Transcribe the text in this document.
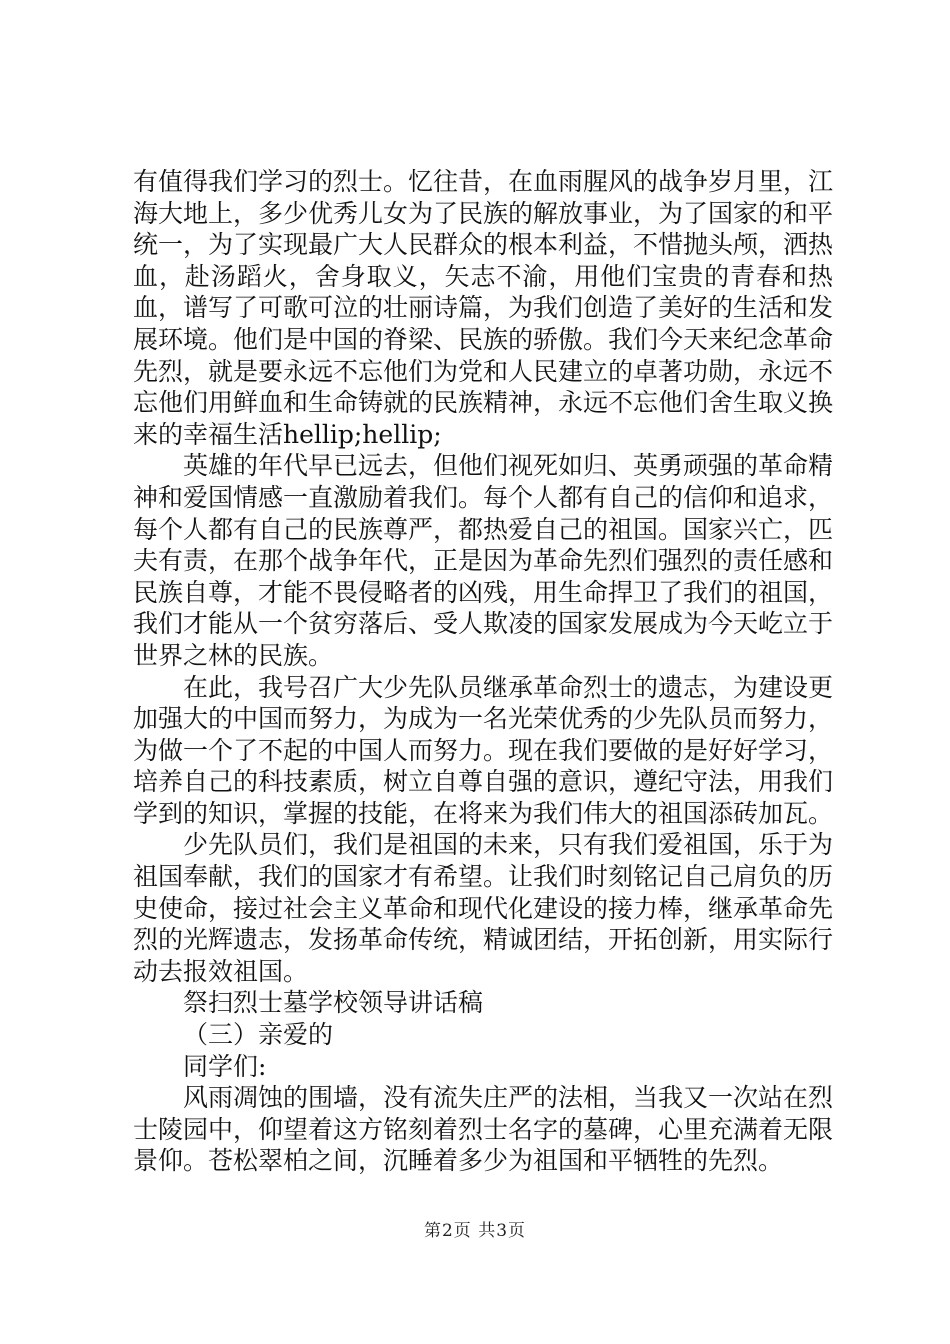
有值得我们学习的烈士。忆往昔，在血雨腥风的战争岁月里，江海大地上，多少优秀儿女为了民族的解放事业，为了国家的和平统一，为了实现最广大人民群众的根本利益，不惜抛头颅，洒热血，赴汤蹈火，舍身取义，矢志不渝，用他们宝贵的青春和热血，谱写了可歌可泣的壮丽诗篇，为我们创造了美好的生活和发展环境。他们是中国的脊梁、民族的骄傲。我们今天来纪念革命先烈，就是要永远不忘他们为党和人民建立的卓著功勋，永远不忘他们用鲜血和生命铸就的民族精神，永远不忘他们舍生取义换来的幸福生活hellip;hellip;

英雄的年代早已远去，但他们视死如归、英勇顽强的革命精神和爱国情感一直激励着我们。每个人都有自己的信仰和追求，每个人都有自己的民族尊严，都热爱自己的祖国。国家兴亡，匹夫有责，在那个战争年代，正是因为革命先烈们强烈的责任感和民族自尊，才能不畏侵略者的凶残，用生命捍卫了我们的祖国，我们才能从一个贫穷落后、受人欺凌的国家发展成为今天屹立于世界之林的民族。

在此，我号召广大少先队员继承革命烈士的遗志，为建设更加强大的中国而努力，为成为一名光荣优秀的少先队员而努力，为做一个了不起的中国人而努力。现在我们要做的是好好学习，培养自己的科技素质，树立自尊自强的意识，遵纪守法，用我们学到的知识，掌握的技能，在将来为我们伟大的祖国添砖加瓦。

少先队员们，我们是祖国的未来，只有我们爱祖国，乐于为祖国奉献，我们的国家才有希望。让我们时刻铭记自己肩负的历史使命，接过社会主义革命和现代化建设的接力棒，继承革命先烈的光辉遗志，发扬革命传统，精诚团结，开拓创新，用实际行动去报效祖国。

祭扫烈士墓学校领导讲话稿

（三）亲爱的

同学们:

风雨凋蚀的围墙，没有流失庄严的法相，当我又一次站在烈士陵园中，仰望着这方铭刻着烈士名字的墓碑，心里充满着无限景仰。苍松翠柏之间，沉睡着多少为祖国和平牺牲的先烈。

第2页 共3页
